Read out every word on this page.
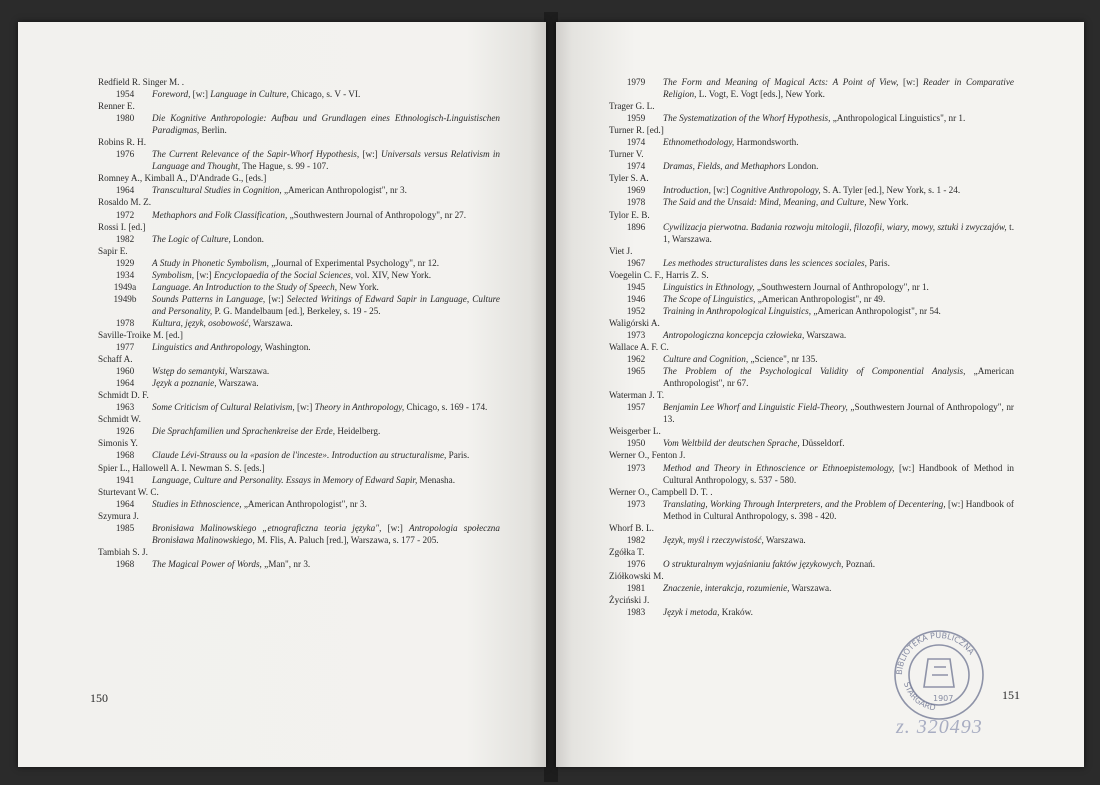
Redfield R. Singer M. .
1954	Foreword, [w:] Language in Culture, Chicago, s. V - VI.
Renner E.
1980	Die Kognitive Anthropologie: Aufbau und Grundlagen eines Ethnologisch-Linguistischen Paradigmas, Berlin.
Robins R. H.
1976	The Current Relevance of the Sapir-Whorf Hypothesis, [w:] Universals versus Relativism in Language and Thought, The Hague, s. 99 - 107.
Romney A., Kimball A., D'Andrade G., [eds.]
1964	Transcultural Studies in Cognition, „American Anthropologist", nr 3.
Rosaldo M. Z.
1972	Methaphors and Folk Classification, „Southwestern Journal of Anthropology", nr 27.
Rossi I. [ed.]
1982	The Logic of Culture, London.
Sapir E.
1929	A Study in Phonetic Symbolism, „Journal of Experimental Psychology", nr 12.
1934	Symbolism, [w:] Encyclopaedia of the Social Sciences, vol. XIV, New York.
1949a	Language. An Introduction to the Study of Speech, New York.
1949b	Sounds Patterns in Language, [w:] Selected Writings of Edward Sapir in Language, Culture and Personality, P. G. Mandelbaum [ed.], Berkeley, s. 19 - 25.
1978	Kultura, język, osobowość, Warszawa.
Saville-Troike M. [ed.]
1977	Linguistics and Anthropology, Washington.
Schaff A.
1960	Wstęp do semantyki, Warszawa.
1964	Język a poznanie, Warszawa.
Schmidt D. F.
1963	Some Criticism of Cultural Relativism, [w:] Theory in Anthropology, Chicago, s. 169 - 174.
Schmidt W.
1926	Die Sprachfamilien und Sprachenkreise der Erde, Heidelberg.
Simonis Y.
1968	Claude Lévi-Strauss ou la «pasion de l'inceste». Introduction au structuralisme, Paris.
Spier L., Hallowell A. I. Newman S. S. [eds.]
1941	Language, Culture and Personality. Essays in Memory of Edward Sapir, Menasha.
Sturtevant W. C.
1964	Studies in Ethnoscience, „American Anthropologist", nr 3.
Szymura J.
1985	Bronisława Malinowskiego „etnograficzna teoria języka", [w:] Antropologia społeczna Bronisława Malinowskiego, M. Flis, A. Paluch [red.], Warszawa, s. 177 - 205.
Tambiah S. J.
1968	The Magical Power of Words, „Man", nr 3.
150
1979	The Form and Meaning of Magical Acts: A Point of View, [w:] Reader in Comparative Religion, L. Vogt, E. Vogt [eds.], New York.
Trager G. L.
1959	The Systematization of the Whorf Hypothesis, „Anthropological Linguistics", nr 1.
Turner R. [ed.]
1974	Ethnomethodology, Harmondsworth.
Turner V.
1974	Dramas, Fields, and Methaphors London.
Tyler S. A.
1969	Introduction, [w:] Cognitive Anthropology, S. A. Tyler [ed.], New York, s. 1 - 24.
1978	The Said and the Unsaid: Mind, Meaning, and Culture, New York.
Tylor E. B.
1896	Cywilizacja pierwotna. Badania rozwoju mitologii, filozofii, wiary, mowy, sztuki i zwyczajów, t. 1, Warszawa.
Viet J.
1967	Les methodes structuralistes dans les sciences sociales, Paris.
Voegelin C. F., Harris Z. S.
1945	Linguistics in Ethnology, „Southwestern Journal of Anthropology", nr 1.
1946	The Scope of Linguistics, „American Anthropologist", nr 49.
1952	Training in Anthropological Linguistics, „American Anthropologist", nr 54.
Waligórski A.
1973	Antropologiczna koncepcja człowieka, Warszawa.
Wallace A. F. C.
1962	Culture and Cognition, „Science", nr 135.
1965	The Problem of the Psychological Validity of Componential Analysis, „American Anthropologist", nr 67.
Waterman J. T.
1957	Benjamin Lee Whorf and Linguistic Field-Theory, „Southwestern Journal of Anthropology", nr 13.
Weisgerber L.
1950	Vom Weltbild der deutschen Sprache, Düsseldorf.
Werner O., Fenton J.
1973	Method and Theory in Ethnoscience or Ethnoepistemology, [w:] Handbook of Method in Cultural Anthropology, s. 537 - 580.
Werner O., Campbell D. T. .
1973	Translating, Working Through Interpreters, and the Problem of Decentering, [w:] Handbook of Method in Cultural Anthropology, s. 398 - 420.
Whorf B. L.
1982	Język, myśl i rzeczywistość, Warszawa.
Zgółka T.
1976	O strukturalnym wyjaśnianiu faktów językowych, Poznań.
Ziółkowski M.
1981	Znaczenie, interakcja, rozumienie, Warszawa.
Życiński J.
1983	Język i metoda, Kraków.
151
BIBLIOTEKA PUBLICZNA
STARGARD
1907
z. 320493
